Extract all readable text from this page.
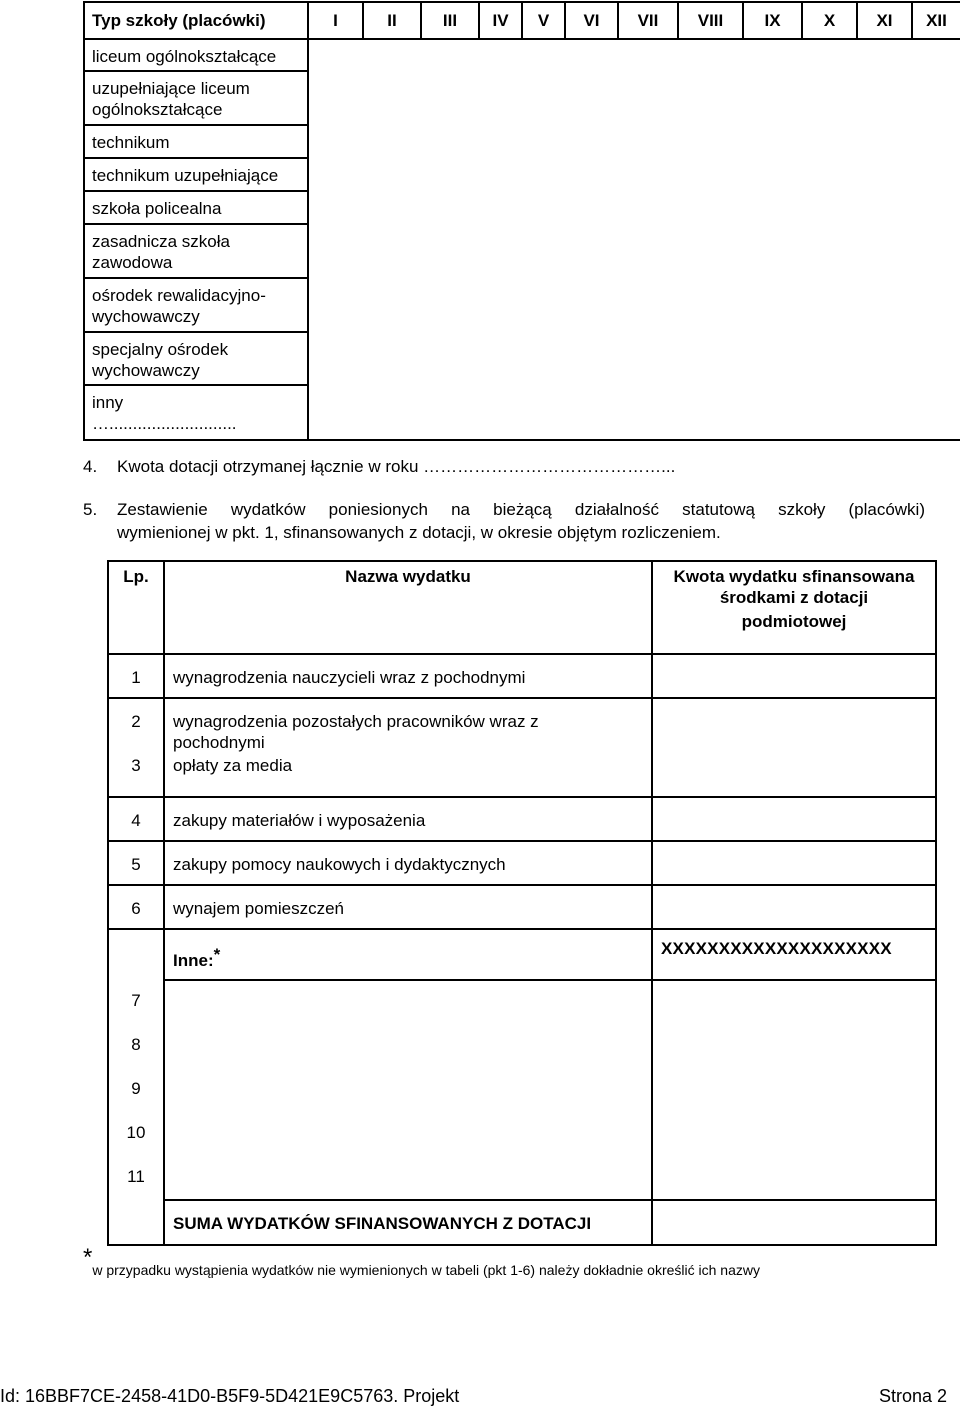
Typ szkoły (placówki)	I	II	III	IV	V	VI	VII	VIII	IX	X	XI	XII
liceum ogólnokształcące												
uzupełniające liceum
ogólnokształcące												
technikum												
technikum uzupełniające												
szkoła policealna												
zasadnicza szkoła
zawodowa												
ośrodek rewalidacyjno-
wychowawczy												
specjalny ośrodek
wychowawczy												
inny
…...........................												
4. Kwota dotacji otrzymanej łącznie w roku ……………………………………...
5. Zestawienie wydatków poniesionych na bieżącą działalność statutową szkoły (placówki)
wymienionej w pkt. 1, sfinansowanych z dotacji, w okresie objętym rozliczeniem.
Lp.	Nazwa wydatku	Kwota wydatku sfinansowana
środkami z dotacji
podmiotowej
1	wynagrodzenia nauczycieli wraz z pochodnymi	
2	wynagrodzenia pozostałych pracowników wraz z pochodnymi	
3	opłaty za media	
4	zakupy materiałów i wyposażenia	
5	zakupy pomocy naukowych i dydaktycznych	
6	wynajem pomieszczeń	
	Inne:*	XXXXXXXXXXXXXXXXXXXX
7		
8		
9		
10		
11		
	SUMA WYDATKÓW SFINANSOWANYCH Z DOTACJI	
*w przypadku wystąpienia wydatków nie wymienionych w tabeli (pkt 1-6) należy dokładnie określić ich nazwy
Id: 16BBF7CE-2458-41D0-B5F9-5D421E9C5763. Projekt	Strona 2
